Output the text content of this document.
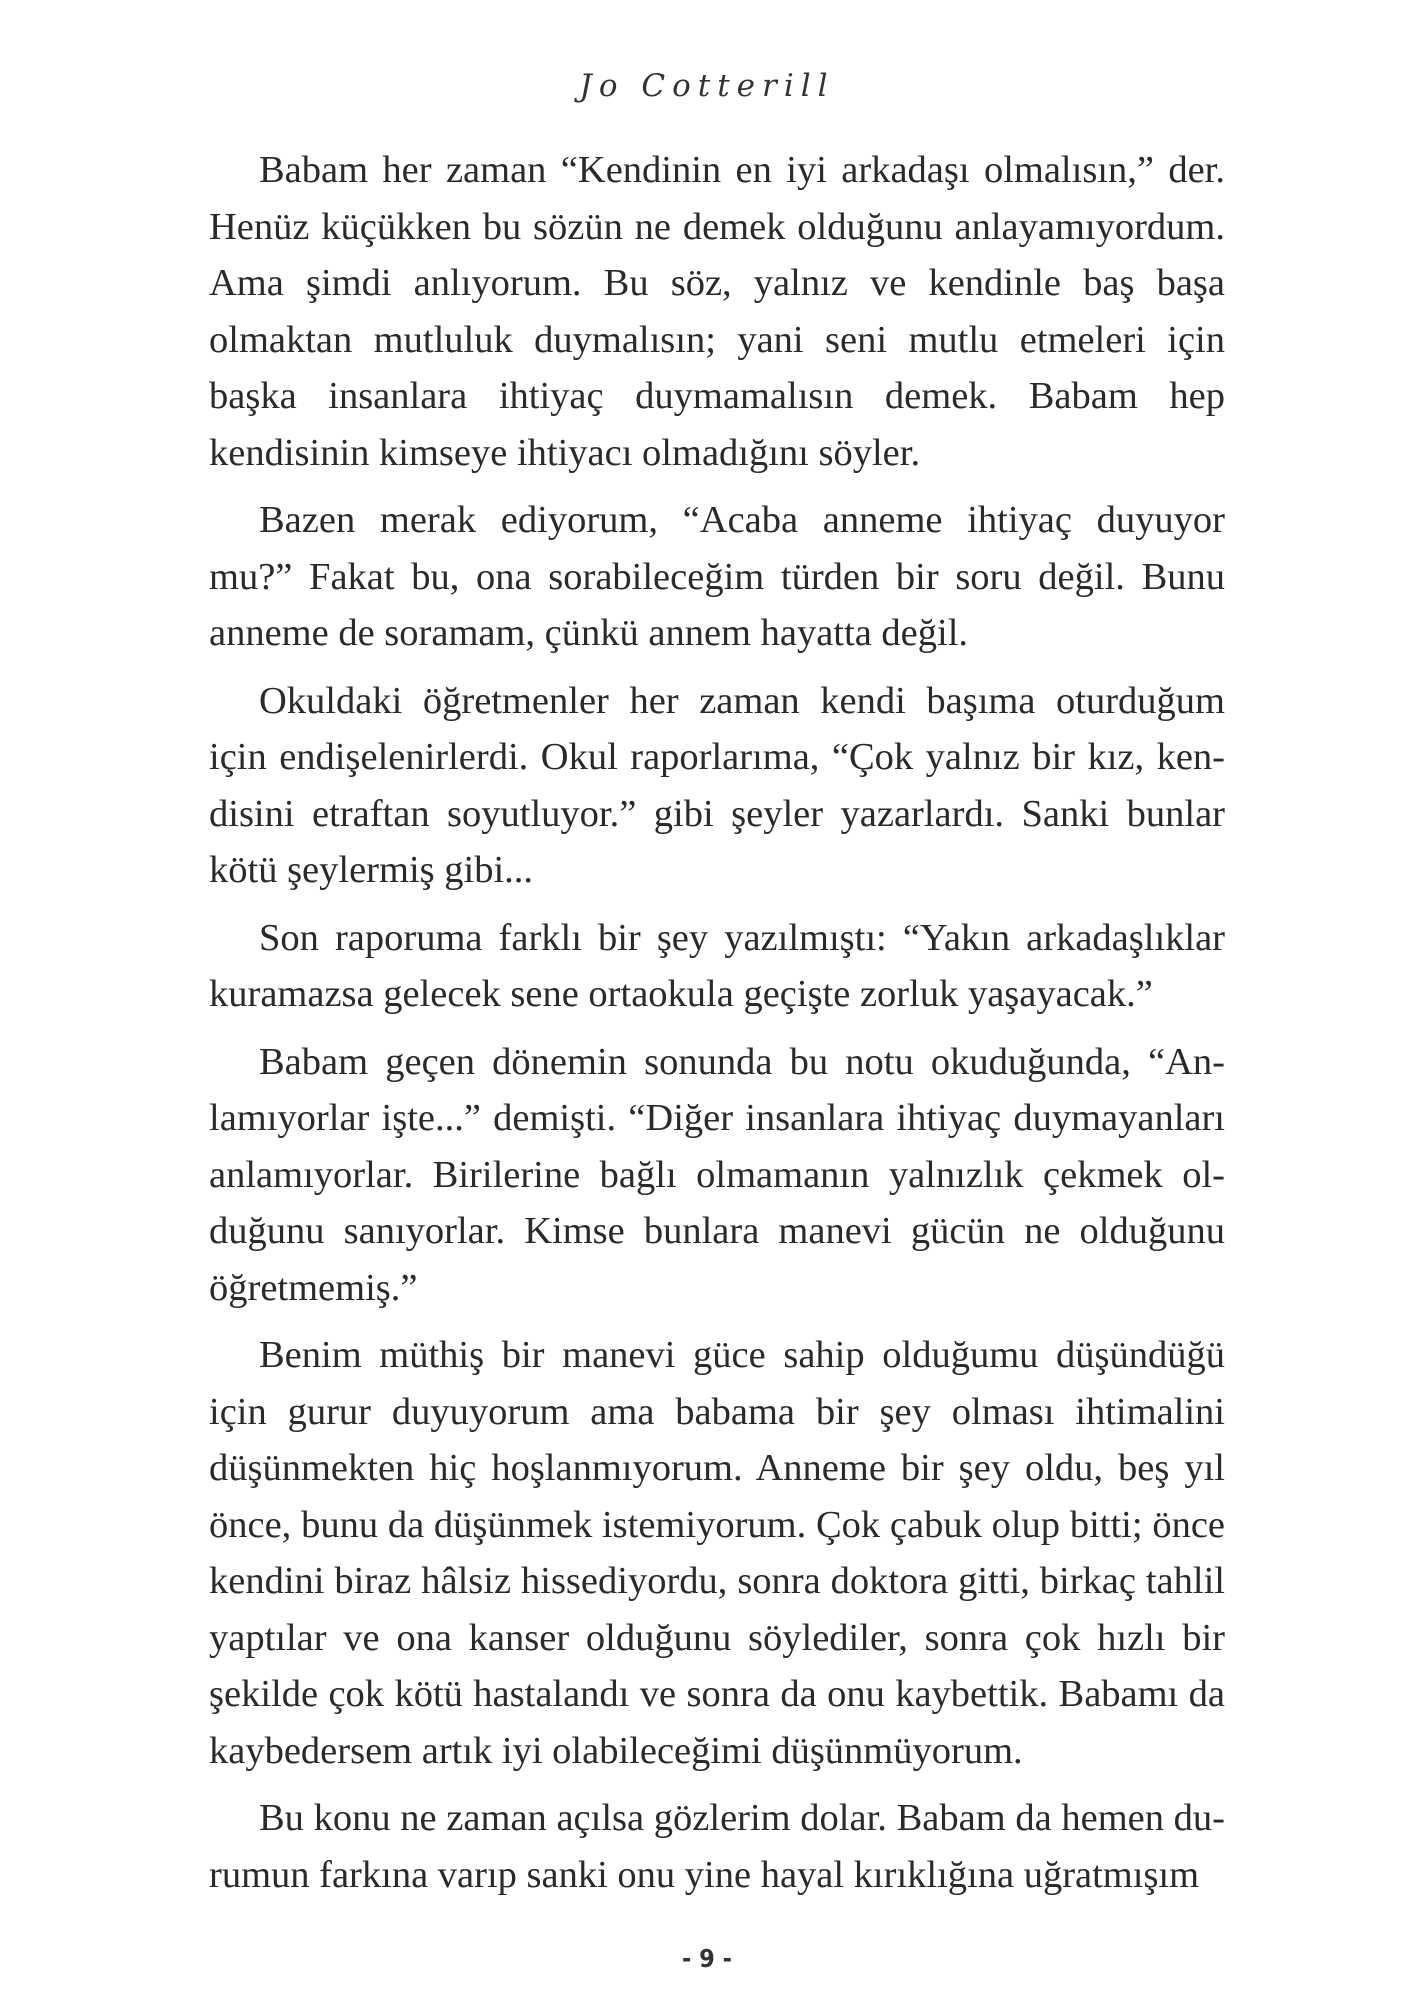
Jo Cotterill

Babam her zaman “Kendinin en iyi arkadaşı olmalısın,” der. Henüz küçükken bu sözün ne demek olduğunu anlayamıyordum. Ama şimdi anlıyorum. Bu söz, yalnız ve kendinle baş başa olmaktan mutluluk duymalısın; yani seni mutlu etmeleri için başka insanlara ihtiyaç duymamalısın demek. Babam hep kendisinin kimseye ihtiyacı olmadığını söyler.

Bazen merak ediyorum, “Acaba anneme ihtiyaç duyuyor mu?” Fakat bu, ona sorabileceğim türden bir soru değil. Bunu anneme de soramam, çünkü annem hayatta değil.

Okuldaki öğretmenler her zaman kendi başıma oturduğum için endişelenirlerdi. Okul raporlarıma, “Çok yalnız bir kız, kendisini etraftan soyutluyor.” gibi şeyler yazarlardı. Sanki bunlar kötü şeylermiş gibi...

Son raporuma farklı bir şey yazılmıştı: “Yakın arkadaşlıklar kuramazsa gelecek sene ortaokula geçişte zorluk yaşayacak.”

Babam geçen dönemin sonunda bu notu okuduğunda, “Anlamıyorlar işte...” demişti. “Diğer insanlara ihtiyaç duymayanları anlamıyorlar. Birilerine bağlı olmamanın yalnızlık çekmek olduğunu sanıyorlar. Kimse bunlara manevi gücün ne olduğunu öğretmemiş.”

Benim müthiş bir manevi güce sahip olduğumu düşündüğü için gurur duyuyorum ama babama bir şey olması ihtimalini düşünmekten hiç hoşlanmıyorum. Anneme bir şey oldu, beş yıl önce, bunu da düşünmek istemiyorum. Çok çabuk olup bitti; önce kendini biraz hâlsiz hissediyordu, sonra doktora gitti, birkaç tahlil yaptılar ve ona kanser olduğunu söylediler, sonra çok hızlı bir şekilde çok kötü hastalandı ve sonra da onu kaybettik. Babamı da kaybedersem artık iyi olabileceğimi düşünmüyorum.

Bu konu ne zaman açılsa gözlerim dolar. Babam da hemen durumun farkına varıp sanki onu yine hayal kırıklığına uğratmışım

- 9 -
